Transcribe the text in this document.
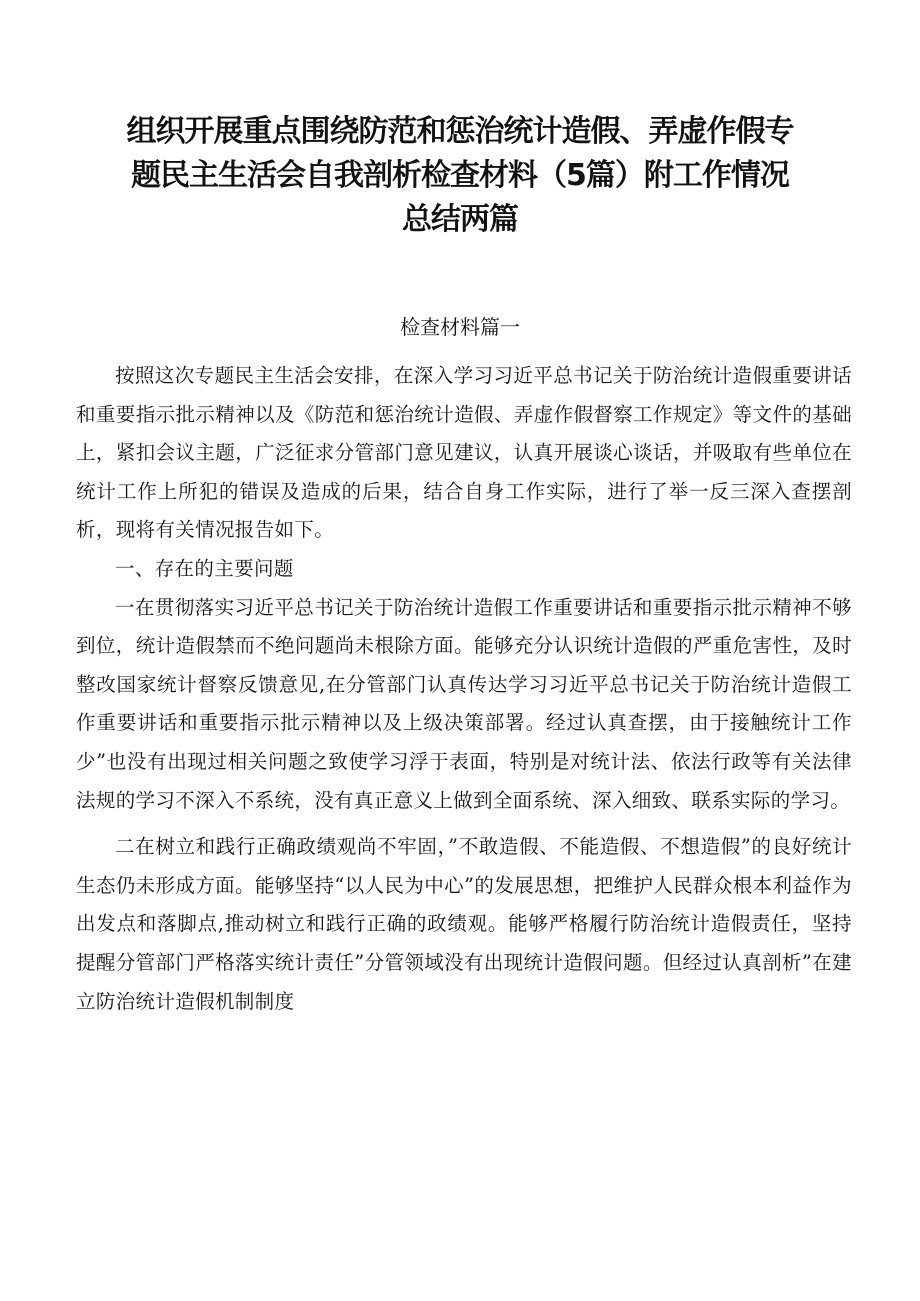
组织开展重点围绕防范和惩治统计造假、弄虚作假专
题民主生活会自我剖析检查材料（5篇）附工作情况
总结两篇
检查材料篇一

按照这次专题民主生活会安排，在深入学习习近平总书记关于防治统计造假重要讲话和重要指示批示精神以及《防范和惩治统计造假、弄虚作假督察工作规定》等文件的基础上，紧扣会议主题，广泛征求分管部门意见建议，认真开展谈心谈话，并吸取有些单位在统计工作上所犯的错误及造成的后果，结合自身工作实际，进行了举一反三深入查摆剖析，现将有关情况报告如下。

一、存在的主要问题

一在贯彻落实习近平总书记关于防治统计造假工作重要讲话和重要指示批示精神不够到位，统计造假禁而不绝问题尚未根除方面。能够充分认识统计造假的严重危害性，及时整改国家统计督察反馈意见,在分管部门认真传达学习习近平总书记关于防治统计造假工作重要讲话和重要指示批示精神以及上级决策部署。经过认真查摆，由于接触统计工作少”也没有出现过相关问题之致使学习浮于表面，特别是对统计法、依法行政等有关法律法规的学习不深入不系统，没有真正意义上做到全面系统、深入细致、联系实际的学习。

二在树立和践行正确政绩观尚不牢固，”不敢造假、不能造假、不想造假”的良好统计生态仍未形成方面。能够坚持“以人民为中心”的发展思想，把维护人民群众根本利益作为出发点和落脚点,推动树立和践行正确的政绩观。能够严格履行防治统计造假责任，坚持提醒分管部门严格落实统计责任”分管领域没有出现统计造假问题。但经过认真剖析”在建立防治统计造假机制制度
